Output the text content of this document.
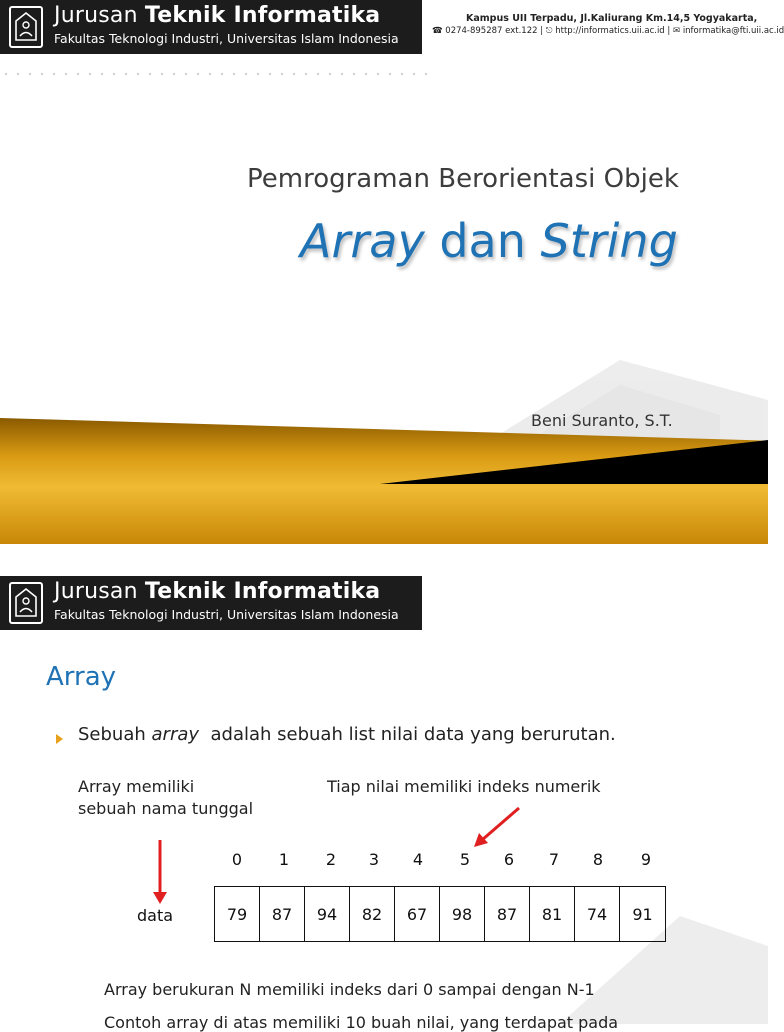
Jurusan Teknik Informatika
Fakultas Teknologi Industri, Universitas Islam Indonesia
Kampus UII Terpadu, Jl.Kaliurang Km.14,5 Yogyakarta,
☎ 0274-895287 ext.122 | ⎋ http://informatics.uii.ac.id | ✉ informatika@fti.uii.ac.id
Pemrograman Berorientasi Objek
Array dan String
Beni Suranto, S.T.
Jurusan Teknik Informatika
Fakultas Teknologi Industri, Universitas Islam Indonesia
Array
Sebuah array adalah sebuah list nilai data yang berurutan.
Array memiliki
sebuah nama tunggal
Tiap nilai memiliki indeks numerik
0	1	2	3	4	5	6	7	8	9
data	79	87	94	82	67	98	87	81	74	91
Array berukuran N memiliki indeks dari 0 sampai dengan N-1
Contoh array di atas memiliki 10 buah nilai, yang terdapat pada
